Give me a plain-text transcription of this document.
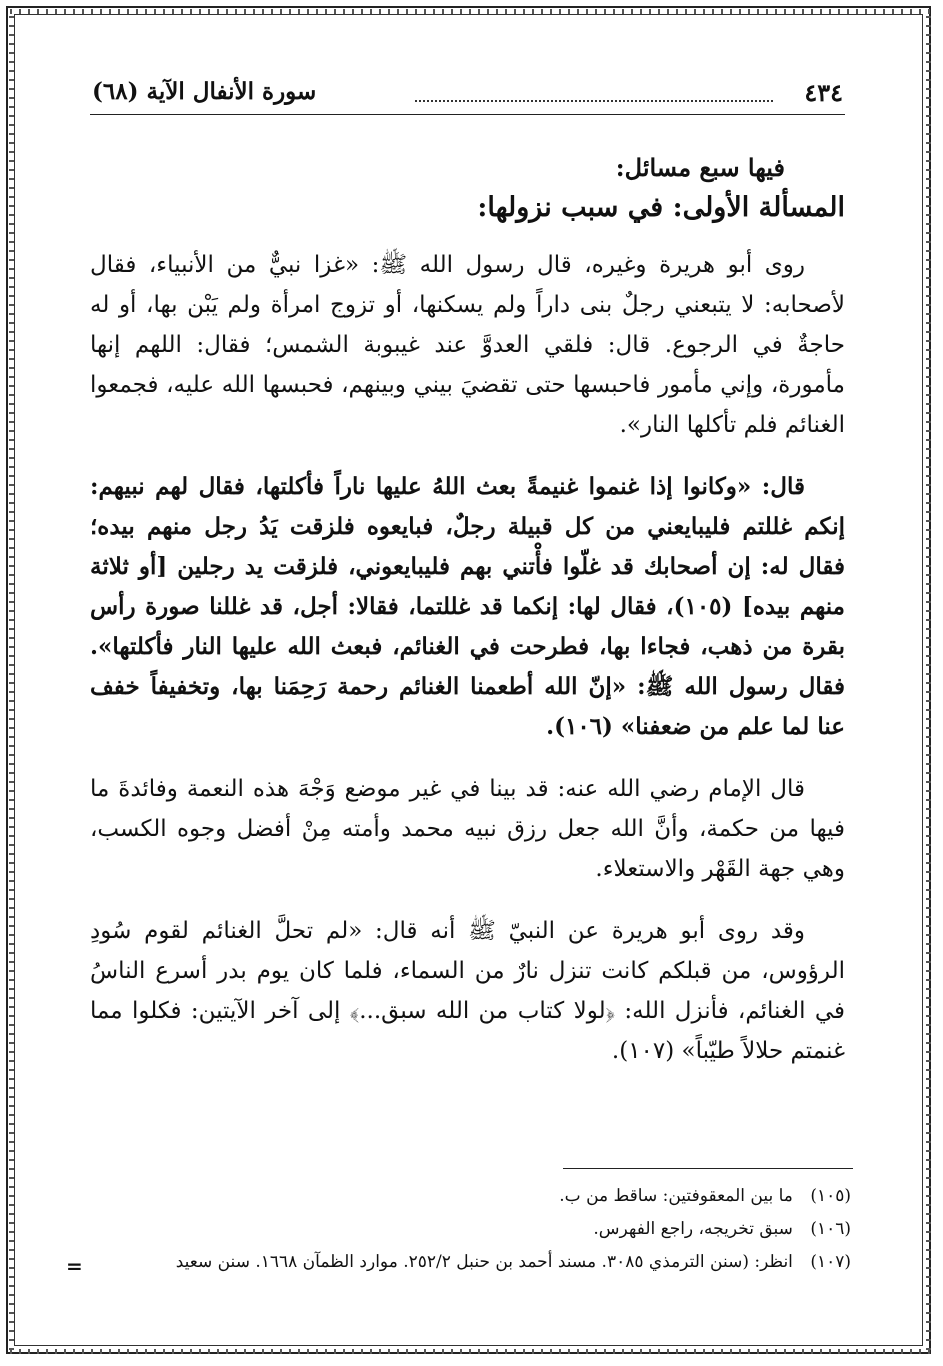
٤٣٤
سورة الأنفال الآية (٦٨)
فيها سبع مسائل:
المسألة الأولى: في سبب نزولها:

روى أبو هريرة وغيره، قال رسول الله ﷺ: «غزا نبيٌّ من الأنبياء، فقال لأصحابه: لا يتبعني رجلٌ بنى داراً ولم يسكنها، أو تزوج امرأة ولم يَبْن بها، أو له حاجةٌ في الرجوع. قال: فلقي العدوَّ عند غيبوبة الشمس؛ فقال: اللهم إنها مأمورة، وإني مأمور فاحبسها حتى تقضيَ بيني وبينهم، فحبسها الله عليه، فجمعوا الغنائم فلم تأكلها النار».

قال: «وكانوا إذا غنموا غنيمةً بعث اللهُ عليها ناراً فأكلتها، فقال لهم نبيهم: إنكم غللتم فليبايعني من كل قبيلة رجلٌ، فبايعوه فلزقت يَدُ رجل منهم بيده؛ فقال له: إن أصحابك قد غلّوا فأْتني بهم فليبايعوني، فلزقت يد رجلين [أو ثلاثة منهم بيده] (١٠٥)، فقال لها: إنكما قد غللتما، فقالا: أجل، قد غللنا صورة رأس بقرة من ذهب، فجاءا بها، فطرحت في الغنائم، فبعث الله عليها النار فأكلتها». فقال رسول الله ﷺ: «إنّ الله أطعمنا الغنائم رحمة رَحِمَنا بها، وتخفيفاً خفف عنا لما علم من ضعفنا» (١٠٦).

قال الإمام رضي الله عنه: قد بينا في غير موضع وَجْهَ هذه النعمة وفائدةَ ما فيها من حكمة، وأنَّ الله جعل رزق نبيه محمد وأمته مِنْ أفضل وجوه الكسب، وهي جهة القَهْر والاستعلاء.

وقد روى أبو هريرة عن النبيّ ﷺ أنه قال: «لم تحلَّ الغنائم لقوم سُودِ الرؤوس، من قبلكم كانت تنزل نارٌ من السماء، فلما كان يوم بدر أسرع الناسُ في الغنائم، فأنزل الله: ﴿لولا كتاب من الله سبق...﴾ إلى آخر الآيتين: فكلوا مما غنمتم حلالاً طيّباً» (١٠٧).

(١٠٥) ما بين المعقوفتين: ساقط من ب.
(١٠٦) سبق تخريجه، راجع الفهرس.
(١٠٧) انظر: (سنن الترمذي ٣٠٨٥. مسند أحمد بن حنبل ٢٥٢/٢. موارد الظمآن ١٦٦٨. سنن سعيد
=
